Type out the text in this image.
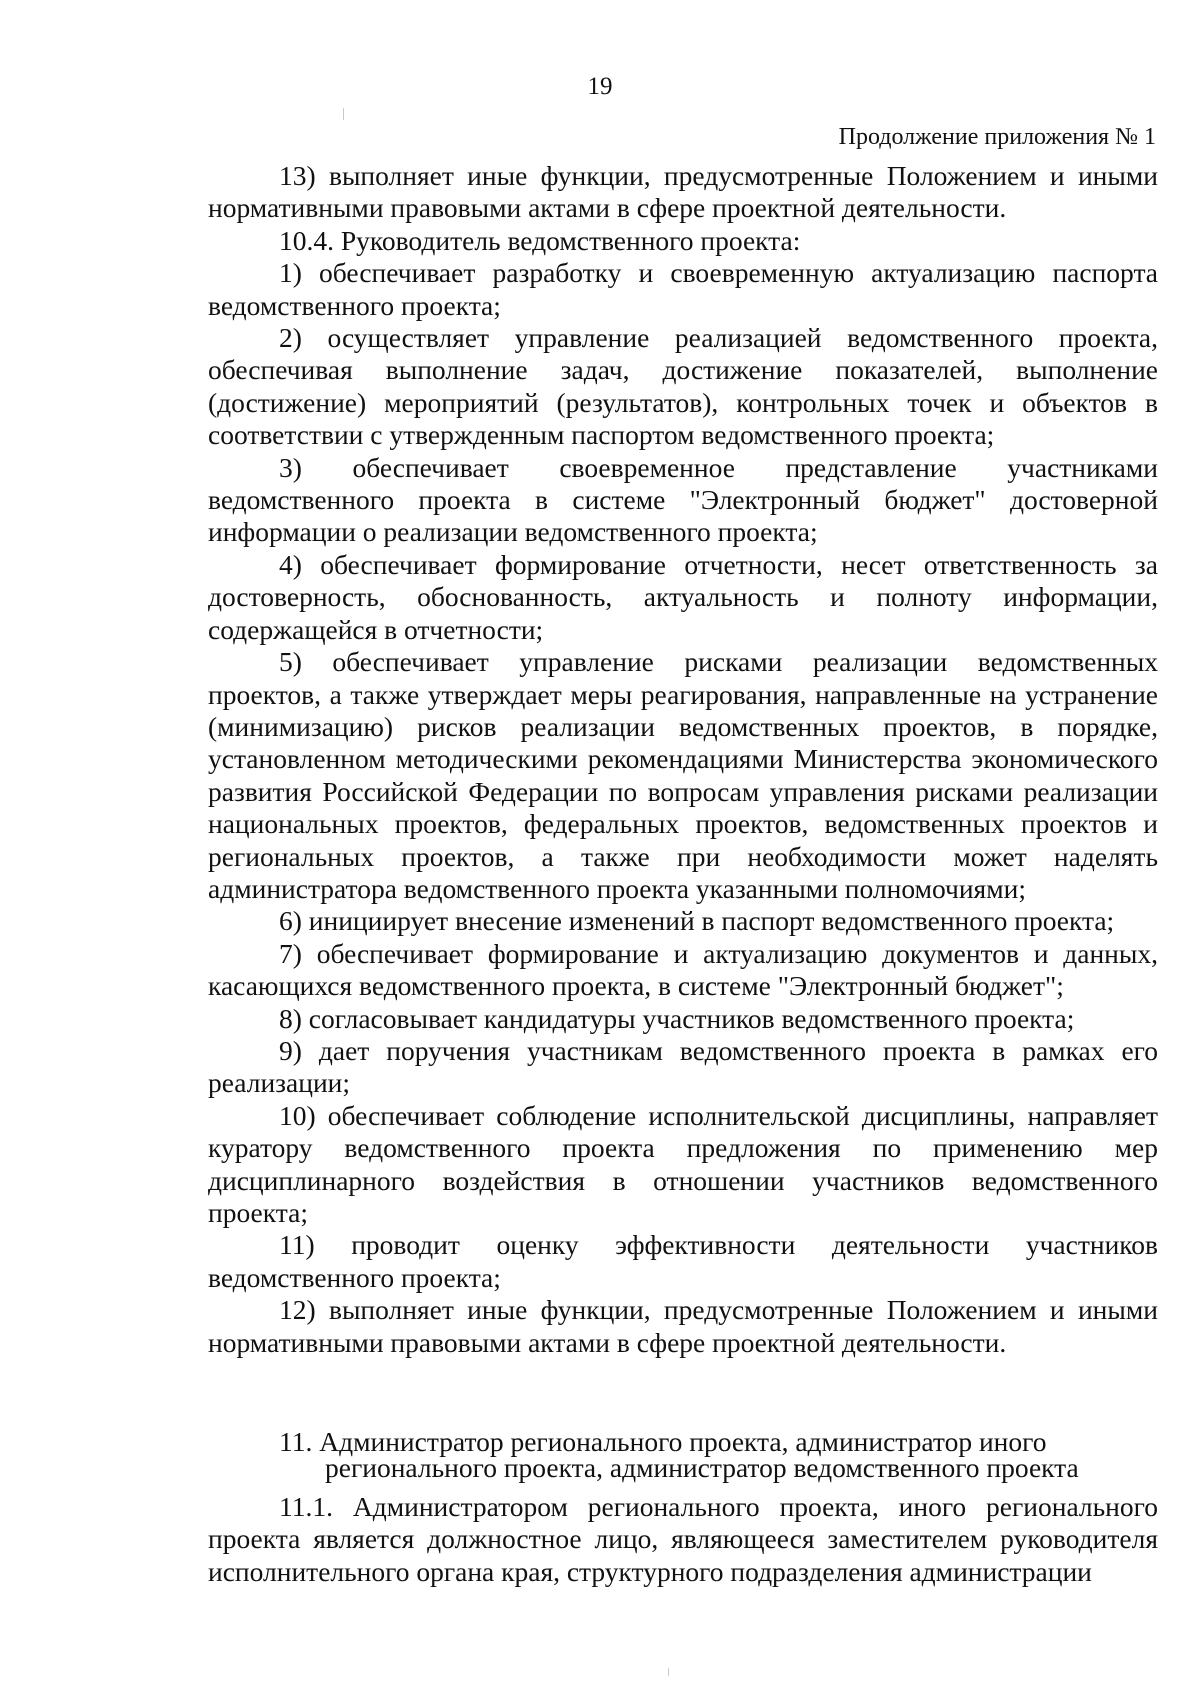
19
Продолжение приложения № 1

13) выполняет иные функции, предусмотренные Положением и иными нормативными правовыми актами в сфере проектной деятельности.

10.4. Руководитель ведомственного проекта:

1) обеспечивает разработку и своевременную актуализацию паспорта ведомственного проекта;

2) осуществляет управление реализацией ведомственного проекта, обеспечивая выполнение задач, достижение показателей, выполнение (достижение) мероприятий (результатов), контрольных точек и объектов в соответствии с утвержденным паспортом ведомственного проекта;

3) обеспечивает своевременное представление участниками ведомственного проекта в системе "Электронный бюджет" достоверной информации о реализации ведомственного проекта;

4) обеспечивает формирование отчетности, несет ответственность за достоверность, обоснованность, актуальность и полноту информации, содержащейся в отчетности;

5) обеспечивает управление рисками реализации ведомственных проектов, а также утверждает меры реагирования, направленные на устранение (минимизацию) рисков реализации ведомственных проектов, в порядке, установленном методическими рекомендациями Министерства экономического развития Российской Федерации по вопросам управления рисками реализации национальных проектов, федеральных проектов, ведомственных проектов и региональных проектов, а также при необходимости может наделять администратора ведомственного проекта указанными полномочиями;

6) инициирует внесение изменений в паспорт ведомственного проекта;

7) обеспечивает формирование и актуализацию документов и данных, касающихся ведомственного проекта, в системе "Электронный бюджет";

8) согласовывает кандидатуры участников ведомственного проекта;

9) дает поручения участникам ведомственного проекта в рамках его реализации;

10) обеспечивает соблюдение исполнительской дисциплины, направляет куратору ведомственного проекта предложения по применению мер дисциплинарного воздействия в отношении участников ведомственного проекта;

11) проводит оценку эффективности деятельности участников ведомственного проекта;

12) выполняет иные функции, предусмотренные Положением и иными нормативными правовыми актами в сфере проектной деятельности.

11. Администратор регионального проекта, администратор иного
регионального проекта, администратор ведомственного проекта

11.1. Администратором регионального проекта, иного регионального проекта является должностное лицо, являющееся заместителем руководителя исполнительного органа края, структурного подразделения администрации
